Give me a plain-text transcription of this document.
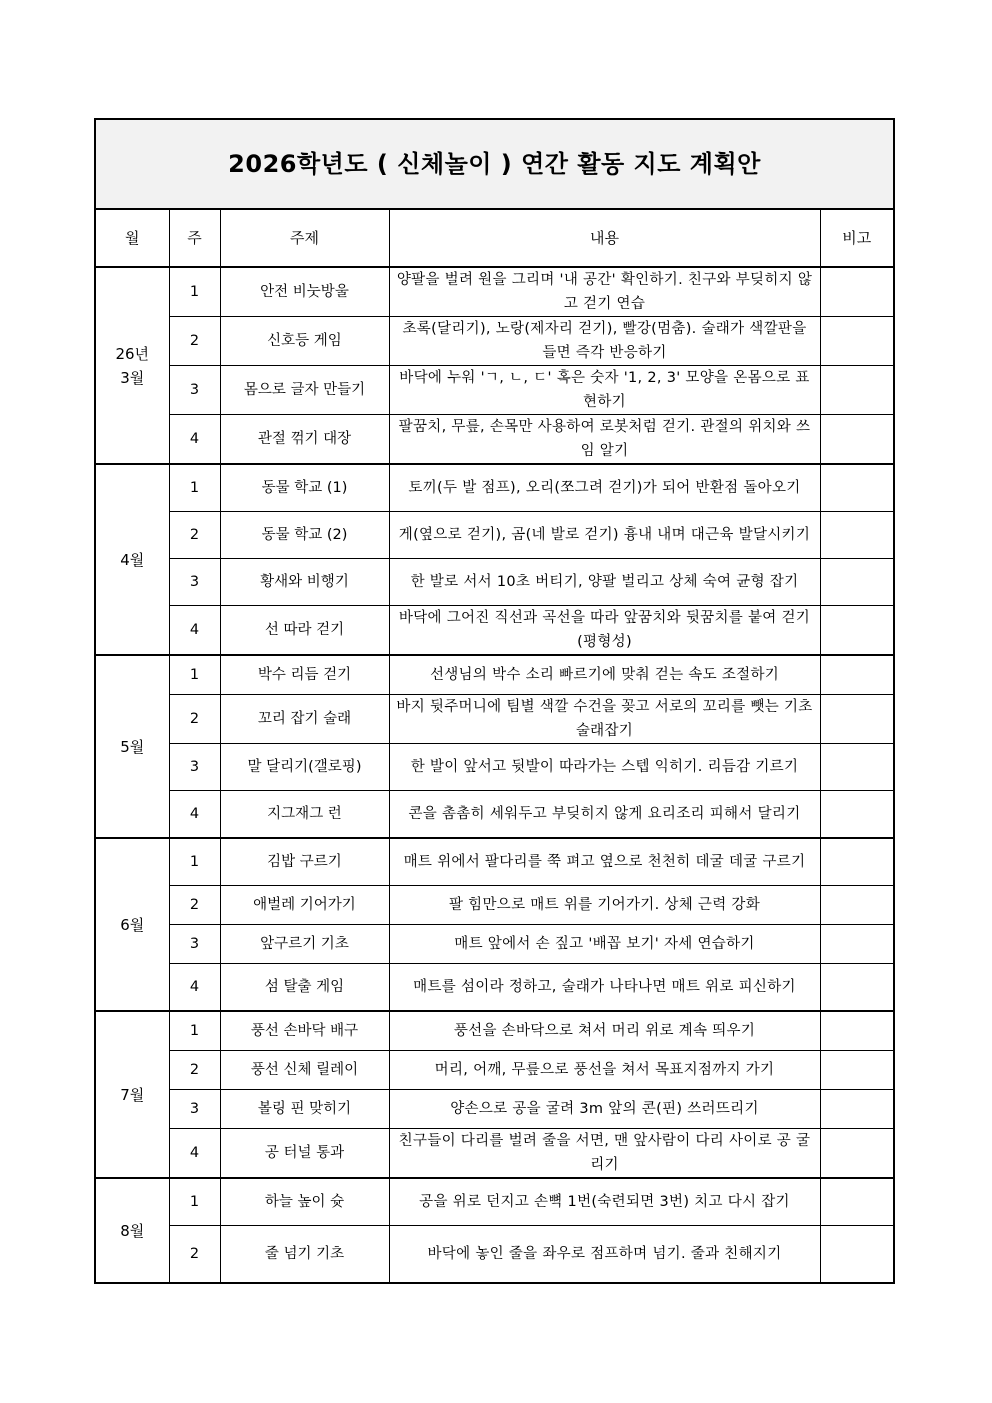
2026학년도 ( 신체놀이 ) 연간 활동 지도 계획안				
월	주	주제	내용	비고
26년
3월	1	안전 비눗방울	양팔을 벌려 원을 그리며 '내 공간' 확인하기. 친구와 부딪히지 않고 걷기 연습	
	2	신호등 게임	초록(달리기), 노랑(제자리 걷기), 빨강(멈춤). 술래가 색깔판을 들면 즉각 반응하기	
	3	몸으로 글자 만들기	바닥에 누워 'ㄱ, ㄴ, ㄷ' 혹은 숫자 '1, 2, 3' 모양을 온몸으로 표현하기	
	4	관절 꺾기 대장	팔꿈치, 무릎, 손목만 사용하여 로봇처럼 걷기. 관절의 위치와 쓰임 알기	
4월	1	동물 학교 (1)	토끼(두 발 점프), 오리(쪼그려 걷기)가 되어 반환점 돌아오기	
	2	동물 학교 (2)	게(옆으로 걷기), 곰(네 발로 걷기) 흉내 내며 대근육 발달시키기	
	3	황새와 비행기	한 발로 서서 10초 버티기, 양팔 벌리고 상체 숙여 균형 잡기	
	4	선 따라 걷기	바닥에 그어진 직선과 곡선을 따라 앞꿈치와 뒷꿈치를 붙여 걷기(평형성)	
5월	1	박수 리듬 걷기	선생님의 박수 소리 빠르기에 맞춰 걷는 속도 조절하기	
	2	꼬리 잡기 술래	바지 뒷주머니에 팀별 색깔 수건을 꽂고 서로의 꼬리를 뺏는 기초 술래잡기	
	3	말 달리기(갤로핑)	한 발이 앞서고 뒷발이 따라가는 스텝 익히기. 리듬감 기르기	
	4	지그재그 런	콘을 촘촘히 세워두고 부딪히지 않게 요리조리 피해서 달리기	
6월	1	김밥 구르기	매트 위에서 팔다리를 쭉 펴고 옆으로 천천히 데굴 데굴 구르기	
	2	애벌레 기어가기	팔 힘만으로 매트 위를 기어가기. 상체 근력 강화	
	3	앞구르기 기초	매트 앞에서 손 짚고 '배꼽 보기' 자세 연습하기	
	4	섬 탈출 게임	매트를 섬이라 정하고, 술래가 나타나면 매트 위로 피신하기	
7월	1	풍선 손바닥 배구	풍선을 손바닥으로 쳐서 머리 위로 계속 띄우기	
	2	풍선 신체 릴레이	머리, 어깨, 무릎으로 풍선을 쳐서 목표지점까지 가기	
	3	볼링 핀 맞히기	양손으로 공을 굴려 3m 앞의 콘(핀) 쓰러뜨리기	
	4	공 터널 통과	친구들이 다리를 벌려 줄을 서면, 맨 앞사람이 다리 사이로 공 굴리기	
8월	1	하늘 높이 슛	공을 위로 던지고 손뼉 1번(숙련되면 3번) 치고 다시 잡기	
	2	줄 넘기 기초	바닥에 놓인 줄을 좌우로 점프하며 넘기. 줄과 친해지기	
